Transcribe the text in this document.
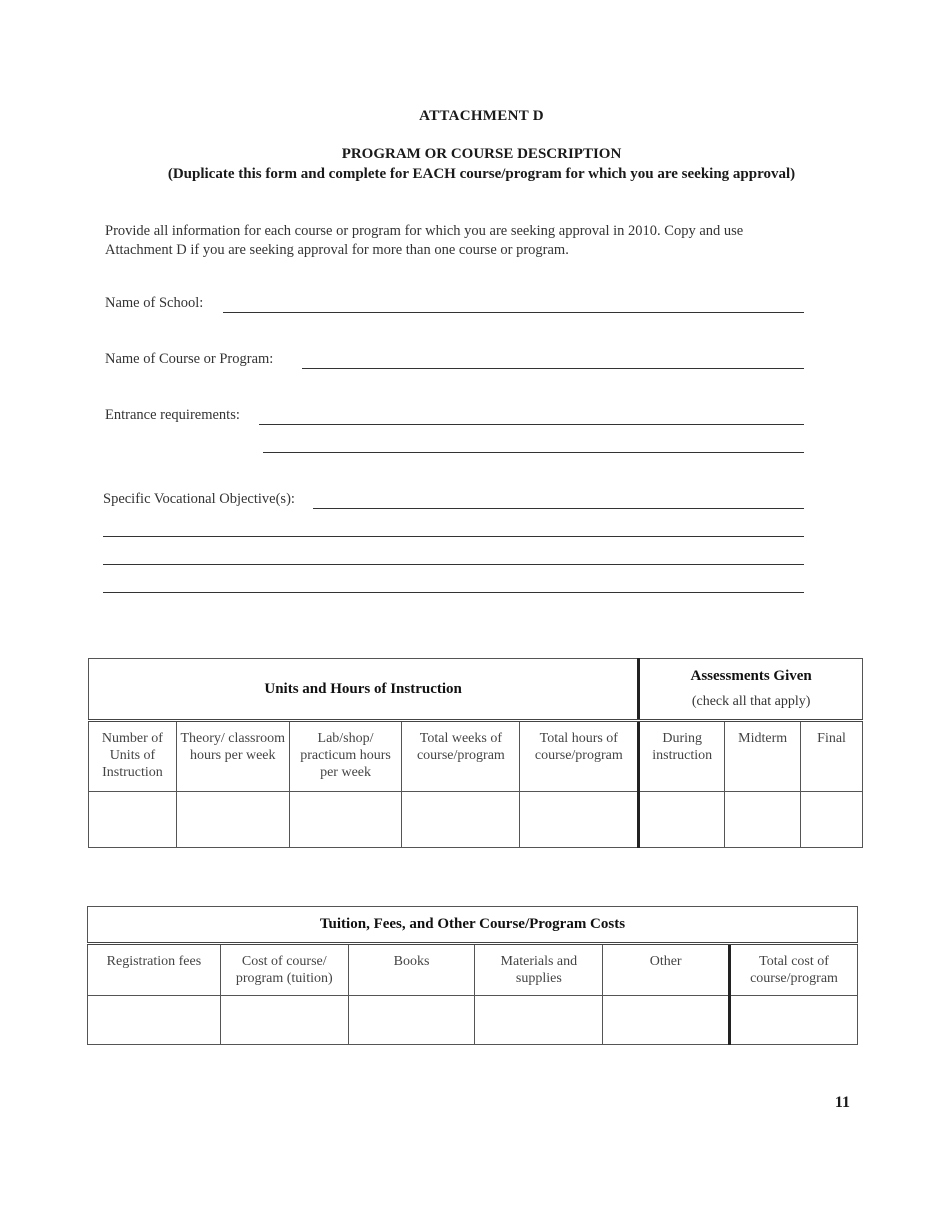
ATTACHMENT D
PROGRAM OR COURSE DESCRIPTION
(Duplicate this form and complete for EACH course/program for which you are seeking approval)
Provide all information for each course or program for which you are seeking approval in 2010. Copy and use
Attachment D if you are seeking approval for more than one course or program.
Name of School:
Name of Course or Program:
Entrance requirements:
Specific Vocational Objective(s):
Units and Hours of Instruction					Assessments Given
(check all that apply)		

Number of Units of Instruction	Theory/ classroom hours per week	Lab/shop/ practicum hours per week	Total weeks of course/program	Total hours of course/program	During instruction	Midterm	Final

Tuition, Fees, and Other Course/Program Costs					
Registration fees	Cost of course/ program (tuition)	Books	Materials and supplies	Other	Total cost of course/program

11
